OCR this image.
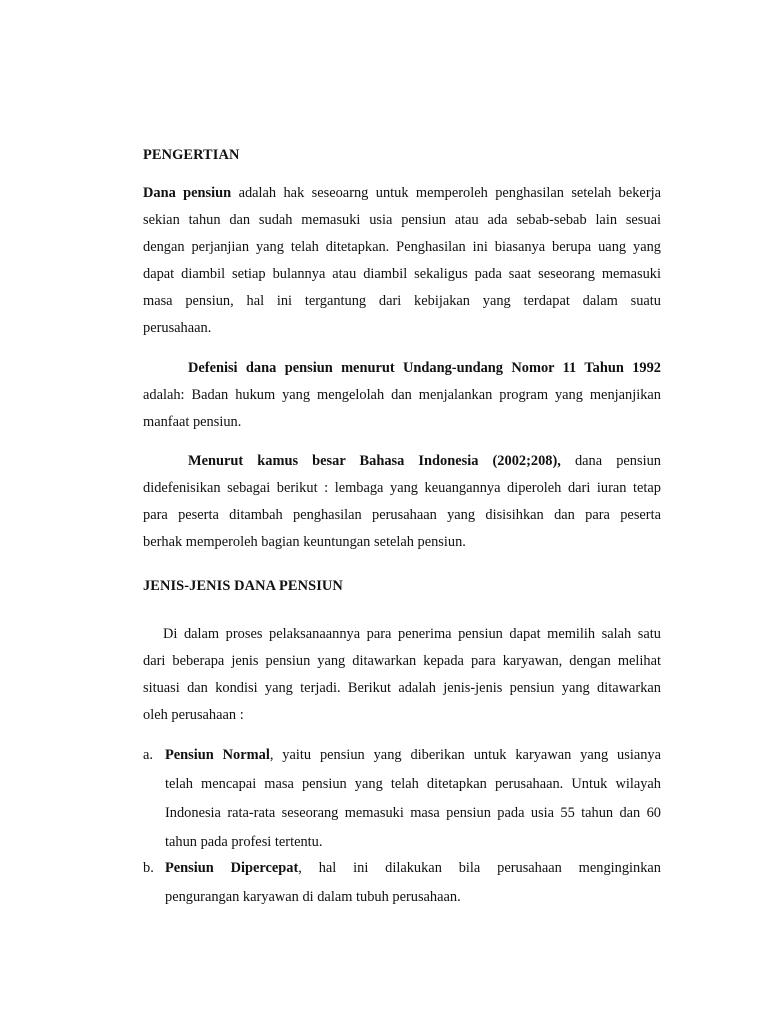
PENGERTIAN
Dana pensiun adalah hak seseoarng untuk memperoleh penghasilan setelah bekerja
sekian tahun dan sudah memasuki usia pensiun atau ada sebab-sebab lain sesuai
dengan perjanjian yang telah ditetapkan. Penghasilan ini biasanya berupa uang yang
dapat diambil setiap bulannya atau diambil sekaligus pada saat seseorang memasuki
masa pensiun, hal ini tergantung dari kebijakan yang terdapat dalam suatu
perusahaan.
Defenisi dana pensiun menurut Undang-undang Nomor 11 Tahun 1992
adalah: Badan hukum yang mengelolah dan menjalankan program yang menjanjikan
manfaat pensiun.
Menurut kamus besar Bahasa Indonesia (2002;208), dana pensiun
didefenisikan sebagai berikut : lembaga yang keuangannya diperoleh dari iuran tetap
para peserta ditambah penghasilan perusahaan yang disisihkan dan para peserta
berhak memperoleh bagian keuntungan setelah pensiun.
JENIS-JENIS DANA PENSIUN
Di dalam proses pelaksanaannya para penerima pensiun dapat memilih salah satu
dari beberapa jenis pensiun yang ditawarkan kepada para karyawan, dengan melihat
situasi dan kondisi yang terjadi. Berikut adalah jenis-jenis pensiun yang ditawarkan
oleh perusahaan :
a. Pensiun Normal, yaitu pensiun yang diberikan untuk karyawan yang usianya
telah mencapai masa pensiun yang telah ditetapkan perusahaan. Untuk wilayah
Indonesia rata-rata seseorang memasuki masa pensiun pada usia 55 tahun dan 60
tahun pada profesi tertentu.
b. Pensiun Dipercepat, hal ini dilakukan bila perusahaan menginginkan
pengurangan karyawan di dalam tubuh perusahaan.
